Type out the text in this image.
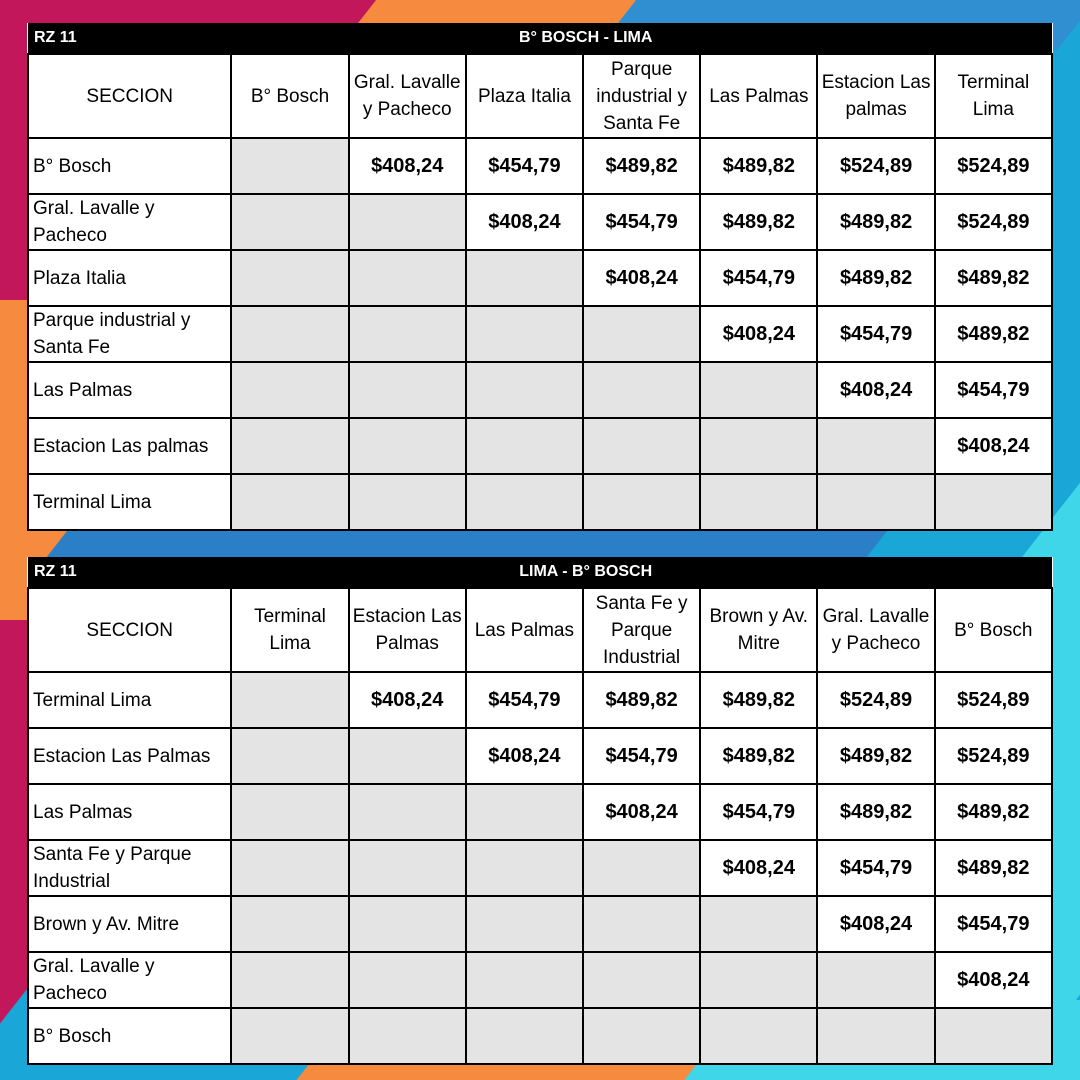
RZ 11	B° BOSCH - LIMA						
SECCION	B° Bosch	Gral. Lavalle y Pacheco	Plaza Italia	Parque industrial y Santa Fe	Las Palmas	Estacion Las palmas	Terminal Lima
B° Bosch		$408,24	$454,79	$489,82	$489,82	$524,89	$524,89
Gral. Lavalle y Pacheco			$408,24	$454,79	$489,82	$489,82	$524,89
Plaza Italia				$408,24	$454,79	$489,82	$489,82
Parque industrial y Santa Fe					$408,24	$454,79	$489,82
Las Palmas						$408,24	$454,79
Estacion Las palmas							$408,24
Terminal Lima							
RZ 11	LIMA - B° BOSCH						
SECCION	Terminal Lima	Estacion Las Palmas	Las Palmas	Santa Fe y Parque Industrial	Brown y Av. Mitre	Gral. Lavalle y Pacheco	B° Bosch
Terminal Lima		$408,24	$454,79	$489,82	$489,82	$524,89	$524,89
Estacion Las Palmas			$408,24	$454,79	$489,82	$489,82	$524,89
Las Palmas				$408,24	$454,79	$489,82	$489,82
Santa Fe y Parque Industrial					$408,24	$454,79	$489,82
Brown y Av. Mitre						$408,24	$454,79
Gral. Lavalle y Pacheco							$408,24
B° Bosch							
